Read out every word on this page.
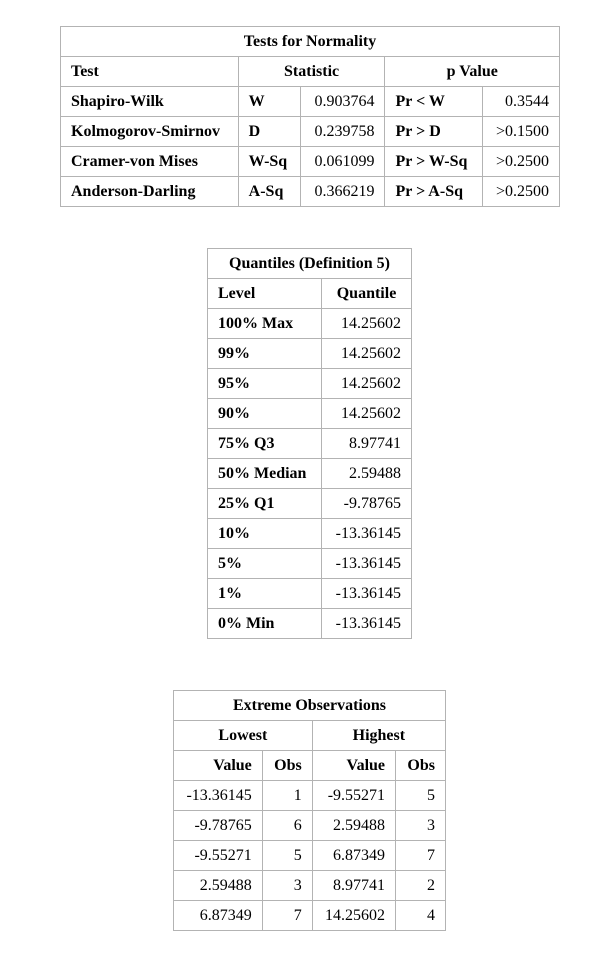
Tests for Normality				
Test	Statistic		p Value	
Shapiro-Wilk	W	0.903764	Pr < W	0.3544
Kolmogorov-Smirnov	D	0.239758	Pr > D	>0.1500
Cramer-von Mises	W-Sq	0.061099	Pr > W-Sq	>0.2500
Anderson-Darling	A-Sq	0.366219	Pr > A-Sq	>0.2500
Quantiles (Definition 5)	
Level	Quantile
100% Max	14.25602
99%	14.25602
95%	14.25602
90%	14.25602
75% Q3	8.97741
50% Median	2.59488
25% Q1	-9.78765
10%	-13.36145
5%	-13.36145
1%	-13.36145
0% Min	-13.36145
Extreme Observations			
Lowest		Highest	
Value	Obs	Value	Obs
-13.36145	1	-9.55271	5
-9.78765	6	2.59488	3
-9.55271	5	6.87349	7
2.59488	3	8.97741	2
6.87349	7	14.25602	4
